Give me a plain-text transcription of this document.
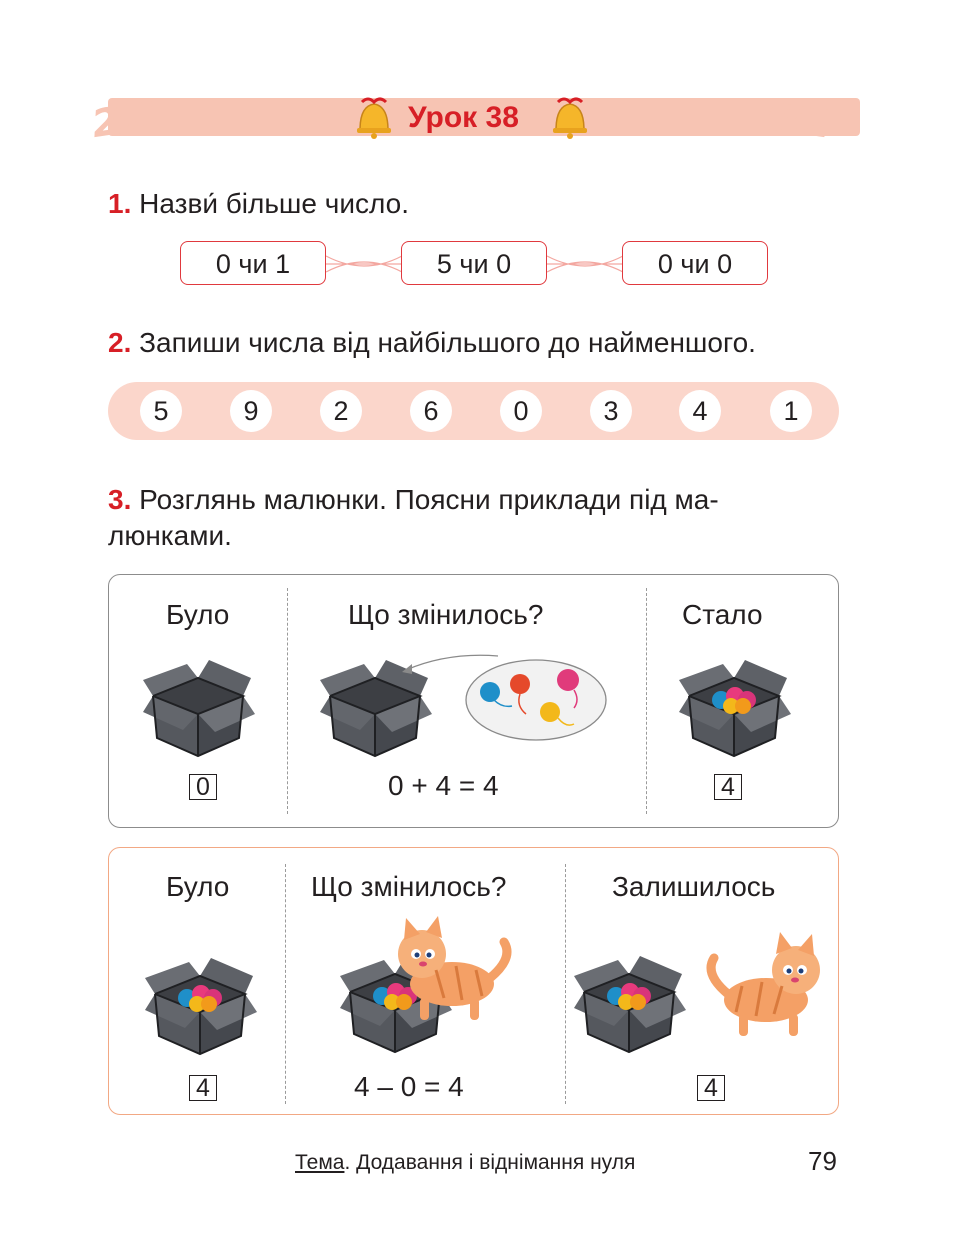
235	542
Урок 38
1. Назви́ більше число.
0 чи 1	5 чи 0	0 чи 0
2. Запиши числа від найбільшого до найменшого.
5	9	2	6	0	3	4	1
3. Розглянь малюнки. Поясни приклади під ма-
люнками.
Було	Що змінилось?	Стало
0	0 + 4 = 4	4
Було	Що змінилось?	Залишилось
4	4 – 0 = 4	4
Тема. Додавання і віднімання нуля	79
